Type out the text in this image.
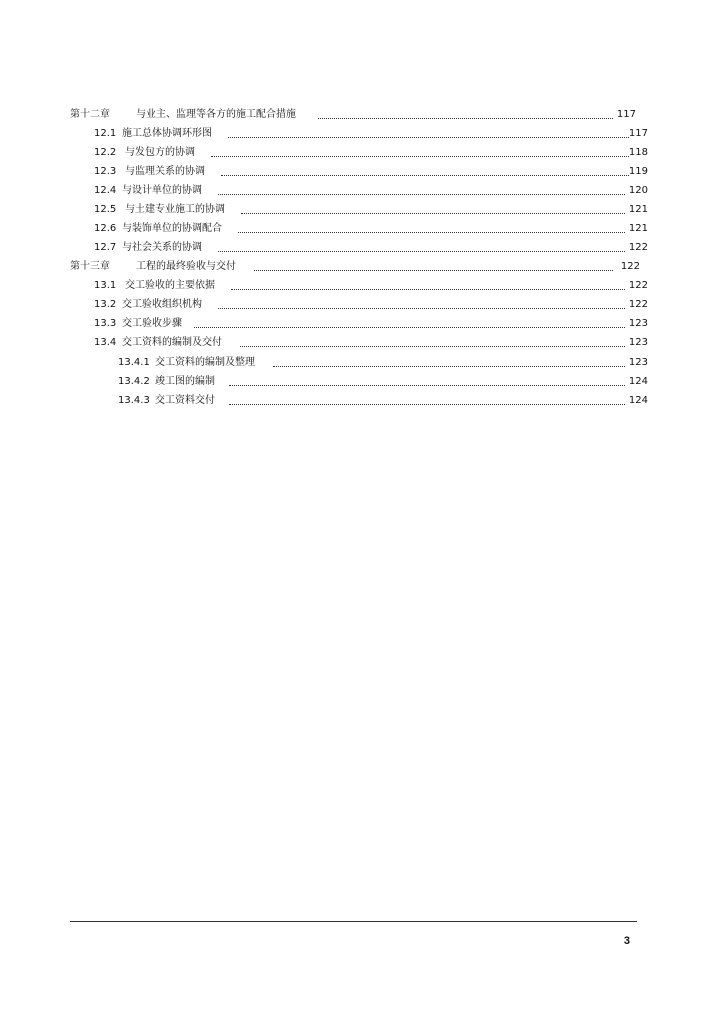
第十二章	与业主、监理等各方的施工配合措施	117
12.1 施工总体协调环形图	117
12.2 与发包方的协调	118
12.3 与监理关系的协调	119
12.4 与设计单位的协调	120
12.5 与土建专业施工的协调	121
12.6 与装饰单位的协调配合	121
12.7 与社会关系的协调	122
第十三章	工程的最终验收与交付	122
13.1 交工验收的主要依据	122
13.2 交工验收组织机构	122
13.3 交工验收步骤	123
13.4 交工资料的编制及交付	123
13.4.1 交工资料的编制及整理	123
13.4.2 竣工图的编制	124
13.4.3 交工资料交付	124
3
